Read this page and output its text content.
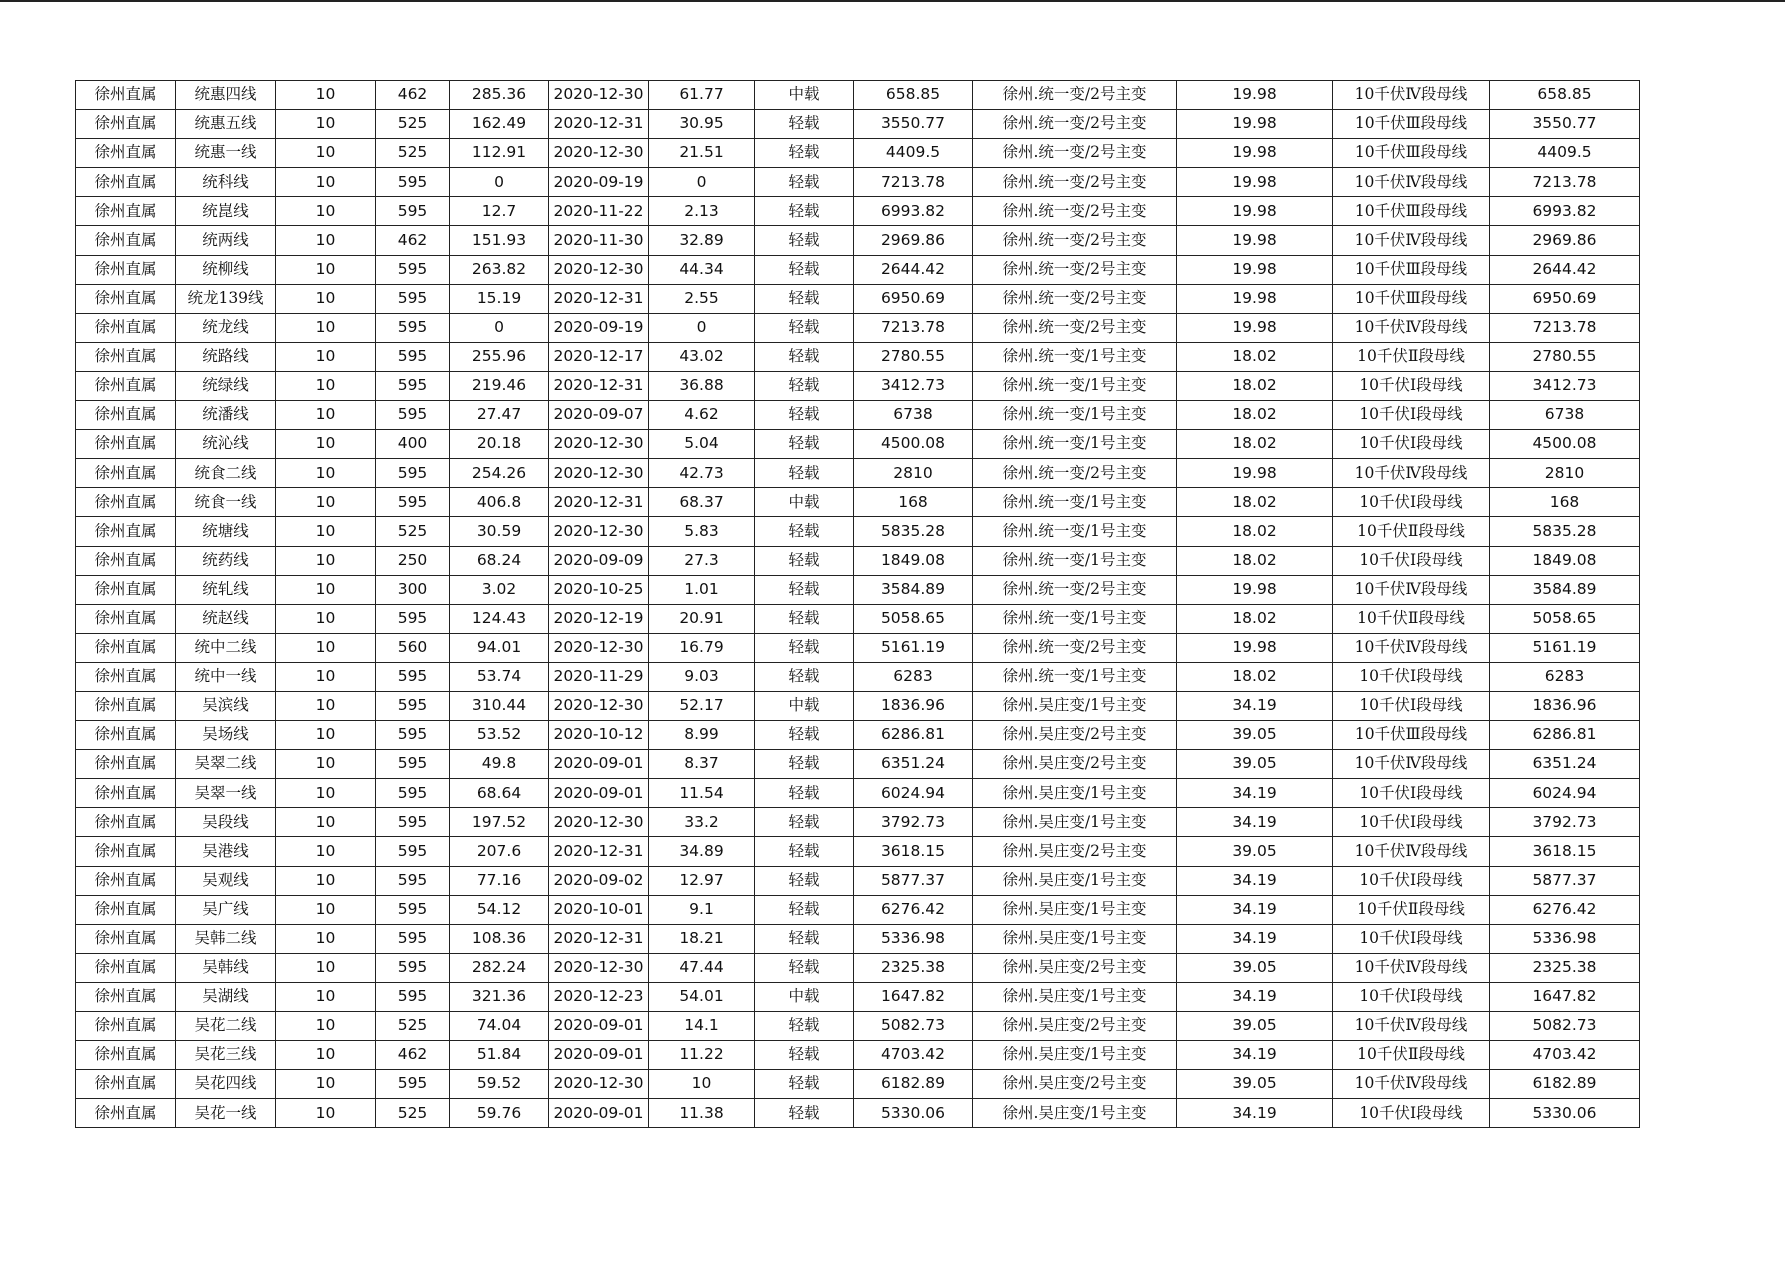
徐州直属	统惠四线	10	462	285.36	2020-12-30	61.77	中载	658.85	徐州.统一变/2号主变	19.98	10千伏Ⅳ段母线	658.85
徐州直属	统惠五线	10	525	162.49	2020-12-31	30.95	轻载	3550.77	徐州.统一变/2号主变	19.98	10千伏Ⅲ段母线	3550.77
徐州直属	统惠一线	10	525	112.91	2020-12-30	21.51	轻载	4409.5	徐州.统一变/2号主变	19.98	10千伏Ⅲ段母线	4409.5
徐州直属	统科线	10	595	0	2020-09-19	0	轻载	7213.78	徐州.统一变/2号主变	19.98	10千伏Ⅳ段母线	7213.78
徐州直属	统崑线	10	595	12.7	2020-11-22	2.13	轻载	6993.82	徐州.统一变/2号主变	19.98	10千伏Ⅲ段母线	6993.82
徐州直属	统两线	10	462	151.93	2020-11-30	32.89	轻载	2969.86	徐州.统一变/2号主变	19.98	10千伏Ⅳ段母线	2969.86
徐州直属	统柳线	10	595	263.82	2020-12-30	44.34	轻载	2644.42	徐州.统一变/2号主变	19.98	10千伏Ⅲ段母线	2644.42
徐州直属	统龙139线	10	595	15.19	2020-12-31	2.55	轻载	6950.69	徐州.统一变/2号主变	19.98	10千伏Ⅲ段母线	6950.69
徐州直属	统龙线	10	595	0	2020-09-19	0	轻载	7213.78	徐州.统一变/2号主变	19.98	10千伏Ⅳ段母线	7213.78
徐州直属	统路线	10	595	255.96	2020-12-17	43.02	轻载	2780.55	徐州.统一变/1号主变	18.02	10千伏Ⅱ段母线	2780.55
徐州直属	统绿线	10	595	219.46	2020-12-31	36.88	轻载	3412.73	徐州.统一变/1号主变	18.02	10千伏Ⅰ段母线	3412.73
徐州直属	统潘线	10	595	27.47	2020-09-07	4.62	轻载	6738	徐州.统一变/1号主变	18.02	10千伏Ⅰ段母线	6738
徐州直属	统沁线	10	400	20.18	2020-12-30	5.04	轻载	4500.08	徐州.统一变/1号主变	18.02	10千伏Ⅰ段母线	4500.08
徐州直属	统食二线	10	595	254.26	2020-12-30	42.73	轻载	2810	徐州.统一变/2号主变	19.98	10千伏Ⅳ段母线	2810
徐州直属	统食一线	10	595	406.8	2020-12-31	68.37	中载	168	徐州.统一变/1号主变	18.02	10千伏Ⅰ段母线	168
徐州直属	统塘线	10	525	30.59	2020-12-30	5.83	轻载	5835.28	徐州.统一变/1号主变	18.02	10千伏Ⅱ段母线	5835.28
徐州直属	统药线	10	250	68.24	2020-09-09	27.3	轻载	1849.08	徐州.统一变/1号主变	18.02	10千伏Ⅰ段母线	1849.08
徐州直属	统轧线	10	300	3.02	2020-10-25	1.01	轻载	3584.89	徐州.统一变/2号主变	19.98	10千伏Ⅳ段母线	3584.89
徐州直属	统赵线	10	595	124.43	2020-12-19	20.91	轻载	5058.65	徐州.统一变/1号主变	18.02	10千伏Ⅱ段母线	5058.65
徐州直属	统中二线	10	560	94.01	2020-12-30	16.79	轻载	5161.19	徐州.统一变/2号主变	19.98	10千伏Ⅳ段母线	5161.19
徐州直属	统中一线	10	595	53.74	2020-11-29	9.03	轻载	6283	徐州.统一变/1号主变	18.02	10千伏Ⅰ段母线	6283
徐州直属	吴滨线	10	595	310.44	2020-12-30	52.17	中载	1836.96	徐州.吴庄变/1号主变	34.19	10千伏Ⅰ段母线	1836.96
徐州直属	吴场线	10	595	53.52	2020-10-12	8.99	轻载	6286.81	徐州.吴庄变/2号主变	39.05	10千伏Ⅲ段母线	6286.81
徐州直属	吴翠二线	10	595	49.8	2020-09-01	8.37	轻载	6351.24	徐州.吴庄变/2号主变	39.05	10千伏Ⅳ段母线	6351.24
徐州直属	吴翠一线	10	595	68.64	2020-09-01	11.54	轻载	6024.94	徐州.吴庄变/1号主变	34.19	10千伏Ⅰ段母线	6024.94
徐州直属	吴段线	10	595	197.52	2020-12-30	33.2	轻载	3792.73	徐州.吴庄变/1号主变	34.19	10千伏Ⅰ段母线	3792.73
徐州直属	吴港线	10	595	207.6	2020-12-31	34.89	轻载	3618.15	徐州.吴庄变/2号主变	39.05	10千伏Ⅳ段母线	3618.15
徐州直属	吴观线	10	595	77.16	2020-09-02	12.97	轻载	5877.37	徐州.吴庄变/1号主变	34.19	10千伏Ⅰ段母线	5877.37
徐州直属	吴广线	10	595	54.12	2020-10-01	9.1	轻载	6276.42	徐州.吴庄变/1号主变	34.19	10千伏Ⅱ段母线	6276.42
徐州直属	吴韩二线	10	595	108.36	2020-12-31	18.21	轻载	5336.98	徐州.吴庄变/1号主变	34.19	10千伏Ⅰ段母线	5336.98
徐州直属	吴韩线	10	595	282.24	2020-12-30	47.44	轻载	2325.38	徐州.吴庄变/2号主变	39.05	10千伏Ⅳ段母线	2325.38
徐州直属	吴湖线	10	595	321.36	2020-12-23	54.01	中载	1647.82	徐州.吴庄变/1号主变	34.19	10千伏Ⅰ段母线	1647.82
徐州直属	吴花二线	10	525	74.04	2020-09-01	14.1	轻载	5082.73	徐州.吴庄变/2号主变	39.05	10千伏Ⅳ段母线	5082.73
徐州直属	吴花三线	10	462	51.84	2020-09-01	11.22	轻载	4703.42	徐州.吴庄变/1号主变	34.19	10千伏Ⅱ段母线	4703.42
徐州直属	吴花四线	10	595	59.52	2020-12-30	10	轻载	6182.89	徐州.吴庄变/2号主变	39.05	10千伏Ⅳ段母线	6182.89
徐州直属	吴花一线	10	525	59.76	2020-09-01	11.38	轻载	5330.06	徐州.吴庄变/1号主变	34.19	10千伏Ⅰ段母线	5330.06
